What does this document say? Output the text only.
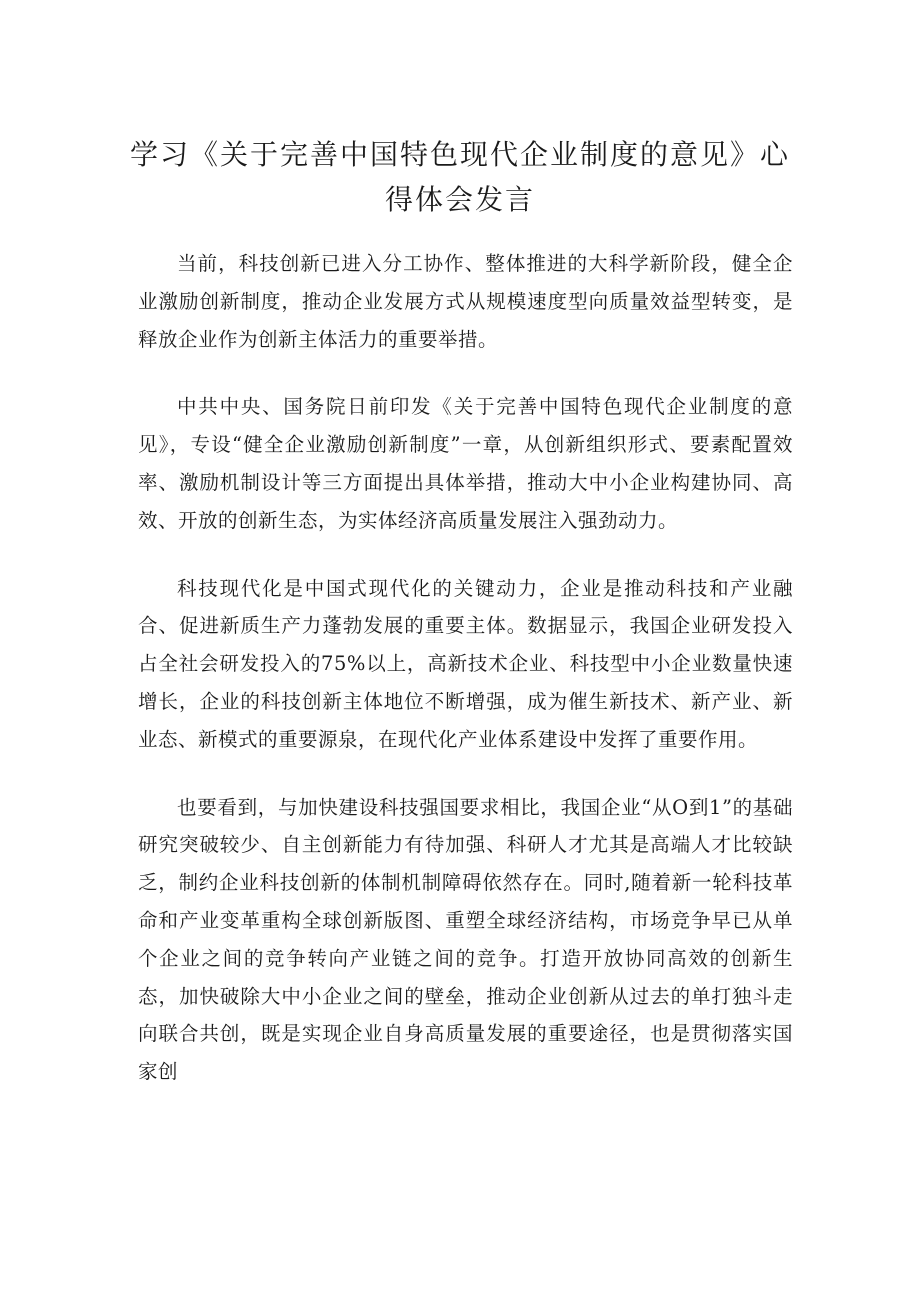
学习《关于完善中国特色现代企业制度的意见》心得体会发言

当前，科技创新已进入分工协作、整体推进的大科学新阶段，健全企业激励创新制度，推动企业发展方式从规模速度型向质量效益型转变，是释放企业作为创新主体活力的重要举措。

中共中央、国务院日前印发《关于完善中国特色现代企业制度的意见》，专设“健全企业激励创新制度”一章，从创新组织形式、要素配置效率、激励机制设计等三方面提出具体举措，推动大中小企业构建协同、高效、开放的创新生态，为实体经济高质量发展注入强劲动力。

科技现代化是中国式现代化的关键动力，企业是推动科技和产业融合、促进新质生产力蓬勃发展的重要主体。数据显示，我国企业研发投入占全社会研发投入的75%以上，高新技术企业、科技型中小企业数量快速增长，企业的科技创新主体地位不断增强，成为催生新技术、新产业、新业态、新模式的重要源泉，在现代化产业体系建设中发挥了重要作用。

也要看到，与加快建设科技强国要求相比，我国企业“从O到1”的基础研究突破较少、自主创新能力有待加强、科研人才尤其是高端人才比较缺乏，制约企业科技创新的体制机制障碍依然存在。同时,随着新一轮科技革命和产业变革重构全球创新版图、重塑全球经济结构，市场竞争早已从单个企业之间的竞争转向产业链之间的竞争。打造开放协同高效的创新生态，加快破除大中小企业之间的壁垒，推动企业创新从过去的单打独斗走向联合共创，既是实现企业自身高质量发展的重要途径，也是贯彻落实国家创
